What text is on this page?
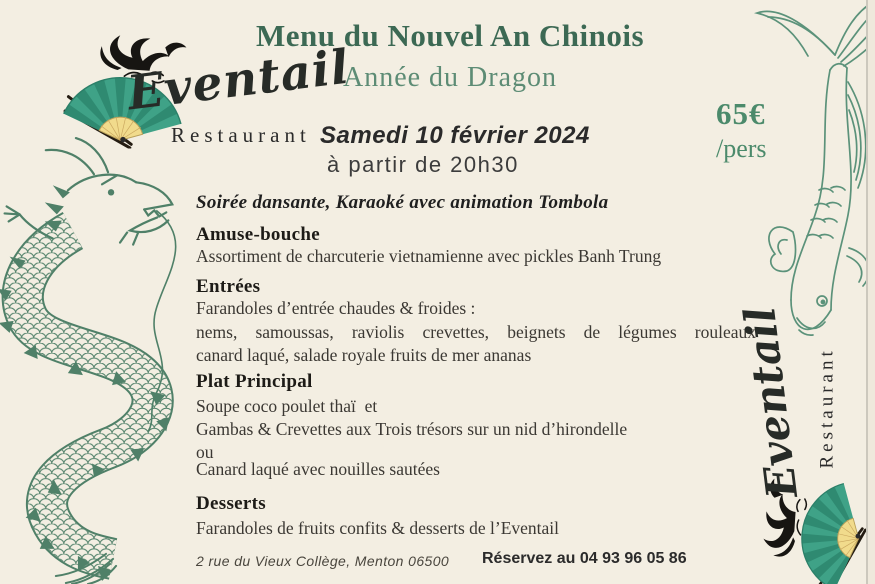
Eventail
Restaurant
Menu du Nouvel An Chinois
Année du Dragon
65€
/pers
Samedi 10 février 2024
à partir de 20h30
Soirée dansante, Karaoké avec animation Tombola
Amuse-bouche
Assortiment de charcuterie vietnamienne avec pickles Banh Trung
Entrées
Farandoles d’entrée chaudes & froides :
nems, samoussas, raviolis crevettes, beignets de légumes rouleaux
canard laqué, salade royale fruits de mer ananas
Plat Principal
Soupe coco poulet thaï  et
Gambas & Crevettes aux Trois trésors sur un nid d’hirondelle
ou
Canard laqué avec nouilles sautées
Desserts
Farandoles de fruits confits & desserts de l’Eventail
2 rue du Vieux Collège, Menton 06500 Réservez au 04 93 96 05 86
Eventail Restaurant
